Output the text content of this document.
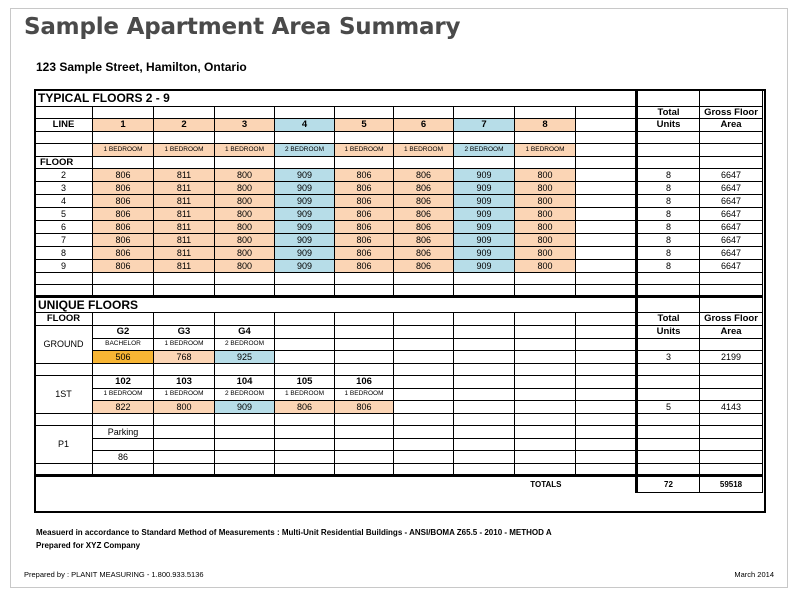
Sample Apartment Area Summary
123 Sample Street, Hamilton, Ontario
TYPICAL FLOORS 2 - 9											
										Total	Gross Floor
LINE	1	2	3	4	5	6	7	8		Units	Area

	1 BEDROOM	1 BEDROOM	1 BEDROOM	2 BEDROOM	1 BEDROOM	1 BEDROOM	2 BEDROOM	1 BEDROOM			
FLOOR											
2	806	811	800	909	806	806	909	800		8	6647
3	806	811	800	909	806	806	909	800		8	6647
4	806	811	800	909	806	806	909	800		8	6647
5	806	811	800	909	806	806	909	800		8	6647
6	806	811	800	909	806	806	909	800		8	6647
7	806	811	800	909	806	806	909	800		8	6647
8	806	811	800	909	806	806	909	800		8	6647
9	806	811	800	909	806	806	909	800		8	6647

UNIQUE FLOORS											
FLOOR										Total	Gross Floor
GROUND	G2	G3	G4							Units	Area
	BACHELOR	1 BEDROOM	2 BEDROOM								
	506	768	925							3	2199

1ST	102	103	104	105	106						
	1 BEDROOM	1 BEDROOM	2 BEDROOM	1 BEDROOM	1 BEDROOM						
	822	800	909	806	806					5	4143

P1	Parking										

	86										

TOTALS										72	59518
Measuerd in accordance to Standard Method of Measurements : Multi-Unit Residential Buildings - ANSI/BOMA Z65.5 - 2010 - METHOD A
Prepared for XYZ Company
Prepared by : PLANIT MEASURING - 1.800.933.5136	March 2014
